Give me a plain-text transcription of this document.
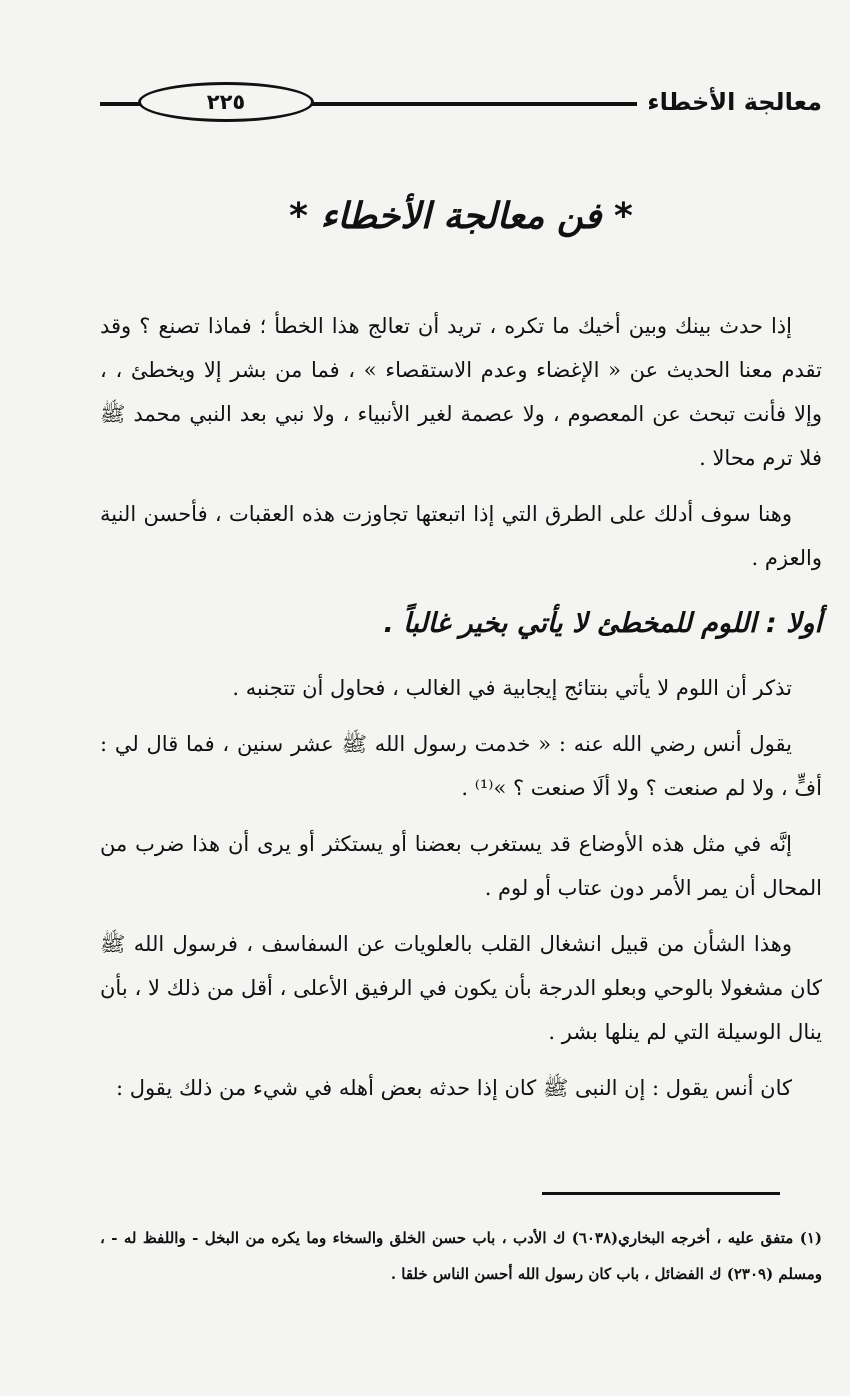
٢٢٥	معالجة الأخطاء
* فن معالجة الأخطاء *

إذا حدث بينك وبين أخيك ما تكره ، تريد أن تعالج هذا الخطأ ؛ فماذا تصنع ؟ وقد تقدم معنا الحديث عن « الإغضاء وعدم الاستقصاء » ، فما من بشر إلا ويخطئ ، ، وإلا فأنت تبحث عن المعصوم ، ولا عصمة لغير الأنبياء ، ولا نبي بعد النبي محمد ﷺ فلا ترم محالا .

وهنا سوف أدلك على الطرق التي إذا اتبعتها تجاوزت هذه العقبات ، فأحسن النية والعزم .

أولا : اللوم للمخطئ لا يأتي بخير غالباً .

تذكر أن اللوم لا يأتي بنتائج إيجابية في الغالب ، فحاول أن تتجنبه .

يقول أنس رضي الله عنه : « خدمت رسول الله ﷺ عشر سنين ، فما قال لي : أفٍّ ، ولا لم صنعت ؟ ولا ألَا صنعت ؟ »⁽¹⁾ .

إنَّه في مثل هذه الأوضاع قد يستغرب بعضنا أو يستكثر أو يرى أن هذا ضرب من المحال أن يمر الأمر دون عتاب أو لوم .

وهذا الشأن من قبيل انشغال القلب بالعلويات عن السفاسف ، فرسول الله ﷺ كان مشغولا بالوحي وبعلو الدرجة بأن يكون في الرفيق الأعلى ، أقل من ذلك لا ، بأن ينال الوسيلة التي لم ينلها بشر .

كان أنس يقول : إن النبى ﷺ كان إذا حدثه بعض أهله في شيء من ذلك يقول :

(١) متفق عليه ، أخرجه البخاري(٦٠٣٨) ك الأدب ، باب حسن الخلق والسخاء وما يكره من البخل - واللفظ له - ، ومسلم (٢٣٠٩) ك الفضائل ، باب كان رسول الله أحسن الناس خلقا .
